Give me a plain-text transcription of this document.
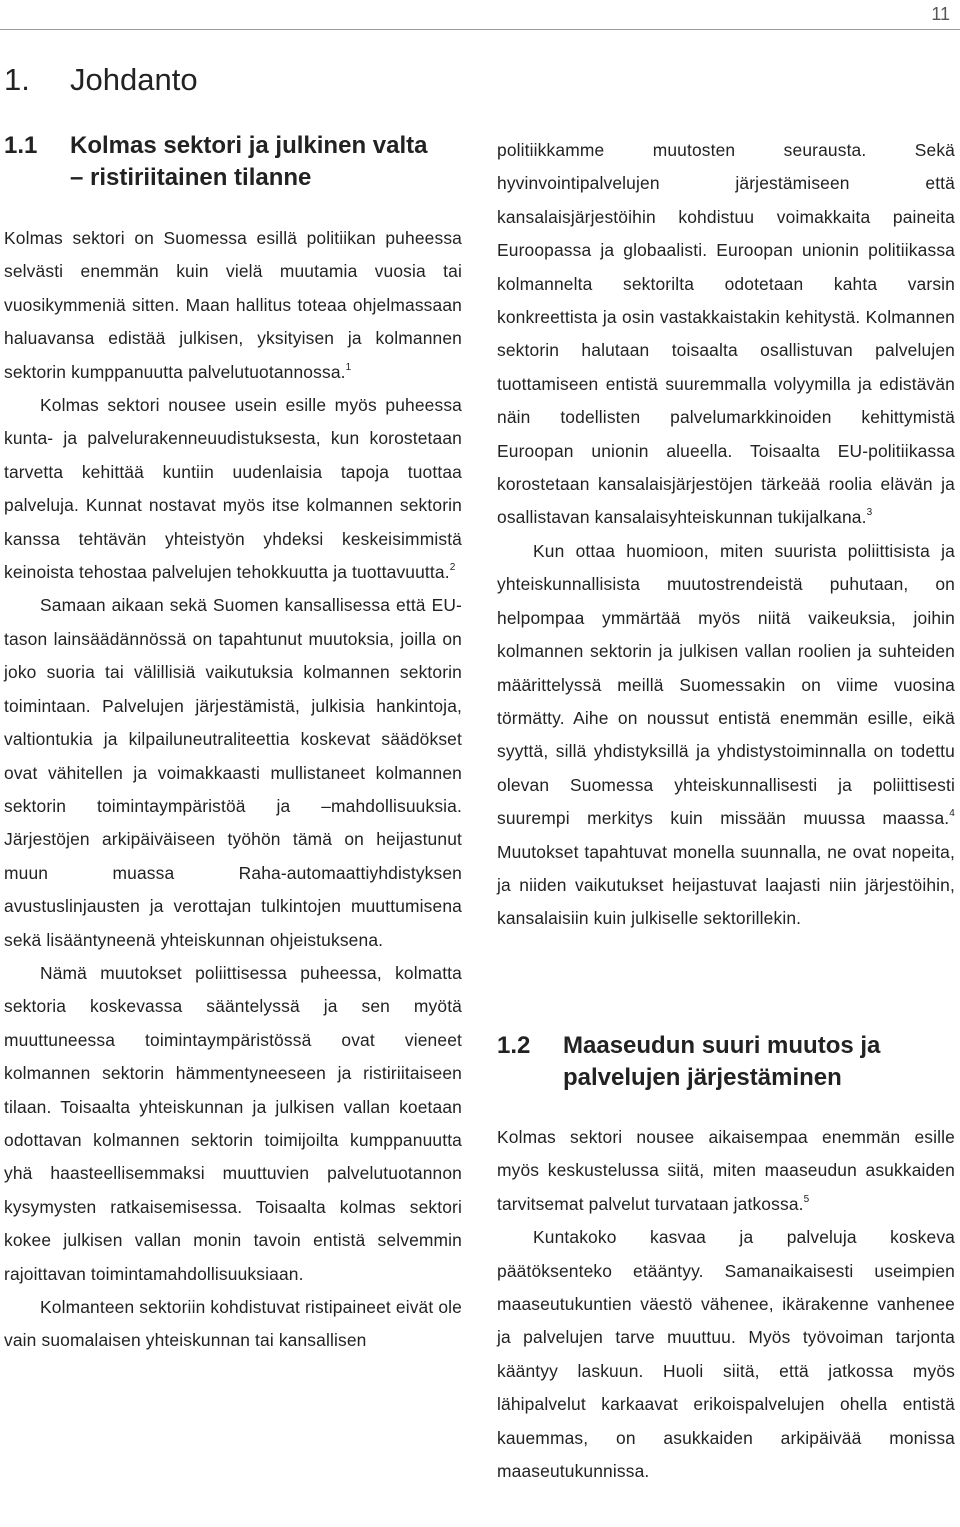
11
1. Johdanto
1.1 Kolmas sektori ja julkinen valta
– ristiriitainen tilanne

Kolmas sektori on Suomessa esillä politiikan puheessa selvästi enemmän kuin vielä muutamia vuosia tai vuosikymmeniä sitten. Maan hallitus toteaa ohjelmassaan haluavansa edistää julkisen, yksityisen ja kolmannen sektorin kumppanuutta palvelutuotannossa.$^1$

Kolmas sektori nousee usein esille myös puheessa kunta- ja palvelurakenneuudistuksesta, kun korostetaan tarvetta kehittää kuntiin uudenlaisia tapoja tuottaa palveluja. Kunnat nostavat myös itse kolmannen sektorin kanssa tehtävän yhteistyön yhdeksi keskeisimmistä keinoista tehostaa palvelujen tehokkuutta ja tuottavuutta.$^2$

Samaan aikaan sekä Suomen kansallisessa että EU-tason lainsäädännössä on tapahtunut muutoksia, joilla on joko suoria tai välillisiä vaikutuksia kolmannen sektorin toimintaan. Palvelujen järjestämistä, julkisia hankintoja, valtiontukia ja kilpailuneutraliteettia koskevat säädökset ovat vähitellen ja voimakkaasti mullistaneet kolmannen sektorin toimintaympäristöä ja –mahdollisuuksia. Järjestöjen arkipäiväiseen työhön tämä on heijastunut muun muassa Raha-automaattiyhdistyksen avustuslinjausten ja verottajan tulkintojen muuttumisena sekä lisääntyneenä yhteiskunnan ohjeistuksena.

Nämä muutokset poliittisessa puheessa, kolmatta sektoria koskevassa sääntelyssä ja sen myötä muuttuneessa toimintaympäristössä ovat vieneet kolmannen sektorin hämmentyneeseen ja ristiriitaiseen tilaan. Toisaalta yhteiskunnan ja julkisen vallan koetaan odottavan kolmannen sektorin toimijoilta kumppanuutta yhä haasteellisemmaksi muuttuvien palvelutuotannon kysymysten ratkaisemisessa. Toisaalta kolmas sektori kokee julkisen vallan monin tavoin entistä selvemmin rajoittavan toimintamahdollisuuksiaan.

Kolmanteen sektoriin kohdistuvat ristipaineet eivät ole vain suomalaisen yhteiskunnan tai kansallisen

politiikkamme muutosten seurausta. Sekä hyvinvointipalvelujen järjestämiseen että kansalaisjärjestöihin kohdistuu voimakkaita paineita Euroopassa ja globaalisti. Euroopan unionin politiikassa kolmannelta sektorilta odotetaan kahta varsin konkreettista ja osin vastakkaistakin kehitystä. Kolmannen sektorin halutaan toisaalta osallistuvan palvelujen tuottamiseen entistä suuremmalla volyymilla ja edistävän näin todellisten palvelumarkkinoiden kehittymistä Euroopan unionin alueella. Toisaalta EU-politiikassa korostetaan kansalaisjärjestöjen tärkeää roolia elävän ja osallistavan kansalaisyhteiskunnan tukijalkana.$^3$

Kun ottaa huomioon, miten suurista poliittisista ja yhteiskunnallisista muutostrendeistä puhutaan, on helpompaa ymmärtää myös niitä vaikeuksia, joihin kolmannen sektorin ja julkisen vallan roolien ja suhteiden määrittelyssä meillä Suomessakin on viime vuosina törmätty. Aihe on noussut entistä enemmän esille, eikä syyttä, sillä yhdistyksillä ja yhdistystoiminnalla on todettu olevan Suomessa yhteiskunnallisesti ja poliittisesti suurempi merkitys kuin missään muussa maassa.$^4$ Muutokset tapahtuvat monella suunnalla, ne ovat nopeita, ja niiden vaikutukset heijastuvat laajasti niin järjestöihin, kansalaisiin kuin julkiselle sektorillekin.

1.2 Maaseudun suuri muutos ja
palvelujen järjestäminen

Kolmas sektori nousee aikaisempaa enemmän esille myös keskustelussa siitä, miten maaseudun asukkaiden tarvitsemat palvelut turvataan jatkossa.$^5$

Kuntakoko kasvaa ja palveluja koskeva päätöksenteko etääntyy. Samanaikaisesti useimpien maaseutukuntien väestö vähenee, ikärakenne vanhenee ja palvelujen tarve muuttuu. Myös työvoiman tarjonta kääntyy laskuun. Huoli siitä, että jatkossa myös lähipalvelut karkaavat erikoispalvelujen ohella entistä kauemmas, on asukkaiden arkipäivää monissa maaseutukunnissa.
